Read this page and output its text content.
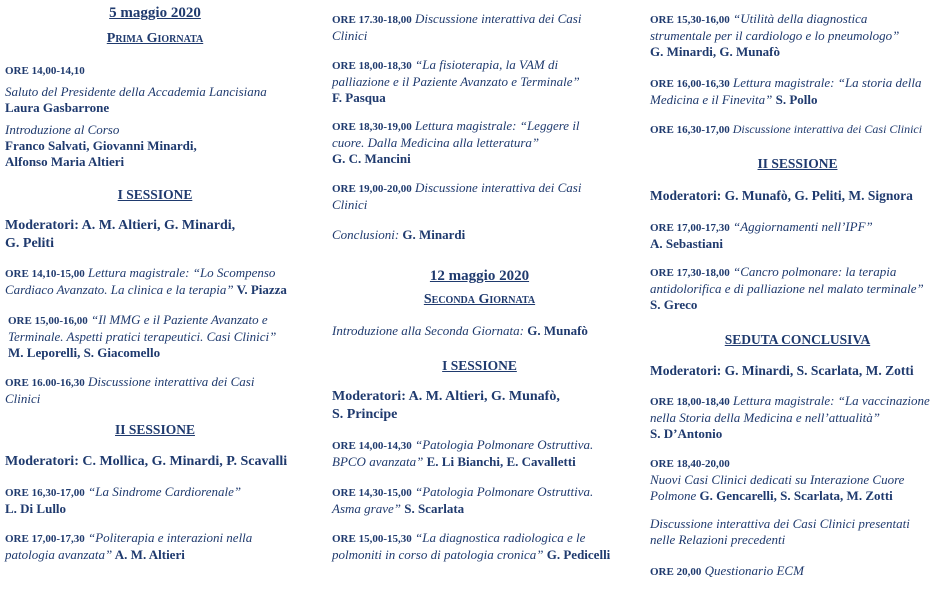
5 maggio 2020
Prima Giornata
ORE 14,00-14,10
Saluto del Presidente della Accademia Lancisiana
Laura Gasbarrone
Introduzione al Corso
Franco Salvati, Giovanni Minardi,
Alfonso Maria Altieri
I SESSIONE
Moderatori: A. M. Altieri, G. Minardi,
G. Peliti
ORE 14,10-15,00 Lettura magistrale: “Lo Scompenso
Cardiaco Avanzato. La clinica e la terapia” V. Piazza
ORE 15,00-16,00 “Il MMG e il Paziente Avanzato e
Terminale. Aspetti pratici terapeutici. Casi Clinici”
M. Leporelli, S. Giacomello
ORE 16.00-16,30 Discussione interattiva dei Casi
Clinici
II SESSIONE
Moderatori: C. Mollica, G. Minardi, P. Scavalli
ORE 16,30-17,00 “La Sindrome Cardiorenale”
L. Di Lullo
ORE 17,00-17,30 “Politerapia e interazioni nella
patologia avanzata” A. M. Altieri
ORE 17.30-18,00 Discussione interattiva dei Casi
Clinici
ORE 18,00-18,30 “La fisioterapia, la VAM di
palliazione e il Paziente Avanzato e Terminale”
F. Pasqua
ORE 18,30-19,00 Lettura magistrale: “Leggere il
cuore. Dalla Medicina alla letteratura”
G. C. Mancini
ORE 19,00-20,00 Discussione interattiva dei Casi
Clinici
Conclusioni: G. Minardi
12 maggio 2020
Seconda Giornata
Introduzione alla Seconda Giornata: G. Munafò
I SESSIONE
Moderatori: A. M. Altieri, G. Munafò,
S. Principe
ORE 14,00-14,30 “Patologia Polmonare Ostruttiva.
BPCO avanzata” E. Li Bianchi, E. Cavalletti
ORE 14,30-15,00 “Patologia Polmonare Ostruttiva.
Asma grave” S. Scarlata
ORE 15,00-15,30 “La diagnostica radiologica e le
polmoniti in corso di patologia cronica” G. Pedicelli
ORE 15,30-16,00 “Utilità della diagnostica
strumentale per il cardiologo e lo pneumologo”
G. Minardi, G. Munafò
ORE 16,00-16,30 Lettura magistrale: “La storia della
Medicina e il Finevita” S. Pollo
ORE 16,30-17,00 Discussione interattiva dei Casi Clinici
II SESSIONE
Moderatori: G. Munafò, G. Peliti, M. Signora
ORE 17,00-17,30 “Aggiornamenti nell’IPF”
A. Sebastiani
ORE 17,30-18,00 “Cancro polmonare: la terapia
antidolorifica e di palliazione nel malato terminale”
S. Greco
SEDUTA CONCLUSIVA
Moderatori: G. Minardi, S. Scarlata, M. Zotti
ORE 18,00-18,40 Lettura magistrale: “La vaccinazione
nella Storia della Medicina e nell’attualità”
S. D’Antonio
ORE 18,40-20,00
Nuovi Casi Clinici dedicati su Interazione Cuore
Polmone G. Gencarelli, S. Scarlata, M. Zotti
Discussione interattiva dei Casi Clinici presentati
nelle Relazioni precedenti
ORE 20,00 Questionario ECM
